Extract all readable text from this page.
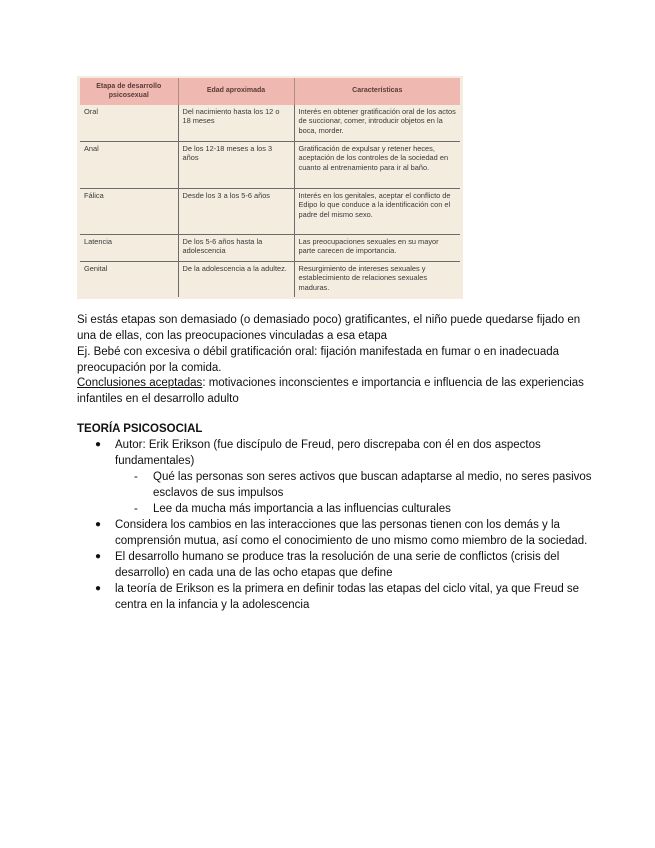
Etapa de desarrollo psicosexual	Edad aproximada	Características
Oral	Del nacimiento hasta los 12 o 18 meses	Interés en obtener gratificación oral de los actos de succionar, comer, introducir objetos en la boca, morder.
Anal	De los 12-18 meses a los 3 años	Gratificación de expulsar y retener heces, aceptación de los controles de la sociedad en cuanto al entrenamiento para ir al baño.
Fálica	Desde los 3 a los 5-6 años	Interés en los genitales, aceptar el conflicto de Edipo lo que conduce a la identificación con el padre del mismo sexo.
Latencia	De los 5-6 años hasta la adolescencia	Las preocupaciones sexuales en su mayor parte carecen de importancia.
Genital	De la adolescencia a la adultez.	Resurgimiento de intereses sexuales y establecimiento de relaciones sexuales maduras.
Si estás etapas son demasiado (o demasiado poco) gratificantes, el niño puede quedarse fijado en una de ellas, con las preocupaciones vinculadas a esa etapa
Ej. Bebé con excesiva o débil gratificación oral: fijación manifestada en fumar o en inadecuada preocupación por la comida.
Conclusiones aceptadas: motivaciones inconscientes e importancia e influencia de las experiencias infantiles en el desarrollo adulto
TEORÍA PSICOSOCIAL
● Autor: Erik Erikson (fue discípulo de Freud, pero discrepaba con él en dos aspectos fundamentales)
- Qué las personas son seres activos que buscan adaptarse al medio, no seres pasivos esclavos de sus impulsos
- Lee da mucha más importancia a las influencias culturales
● Considera los cambios en las interacciones que las personas tienen con los demás y la comprensión mutua, así como el conocimiento de uno mismo como miembro de la sociedad.
● El desarrollo humano se produce tras la resolución de una serie de conflictos (crisis del desarrollo) en cada una de las ocho etapas que define
● la teoría de Erikson es la primera en definir todas las etapas del ciclo vital, ya que Freud se centra en la infancia y la adolescencia
